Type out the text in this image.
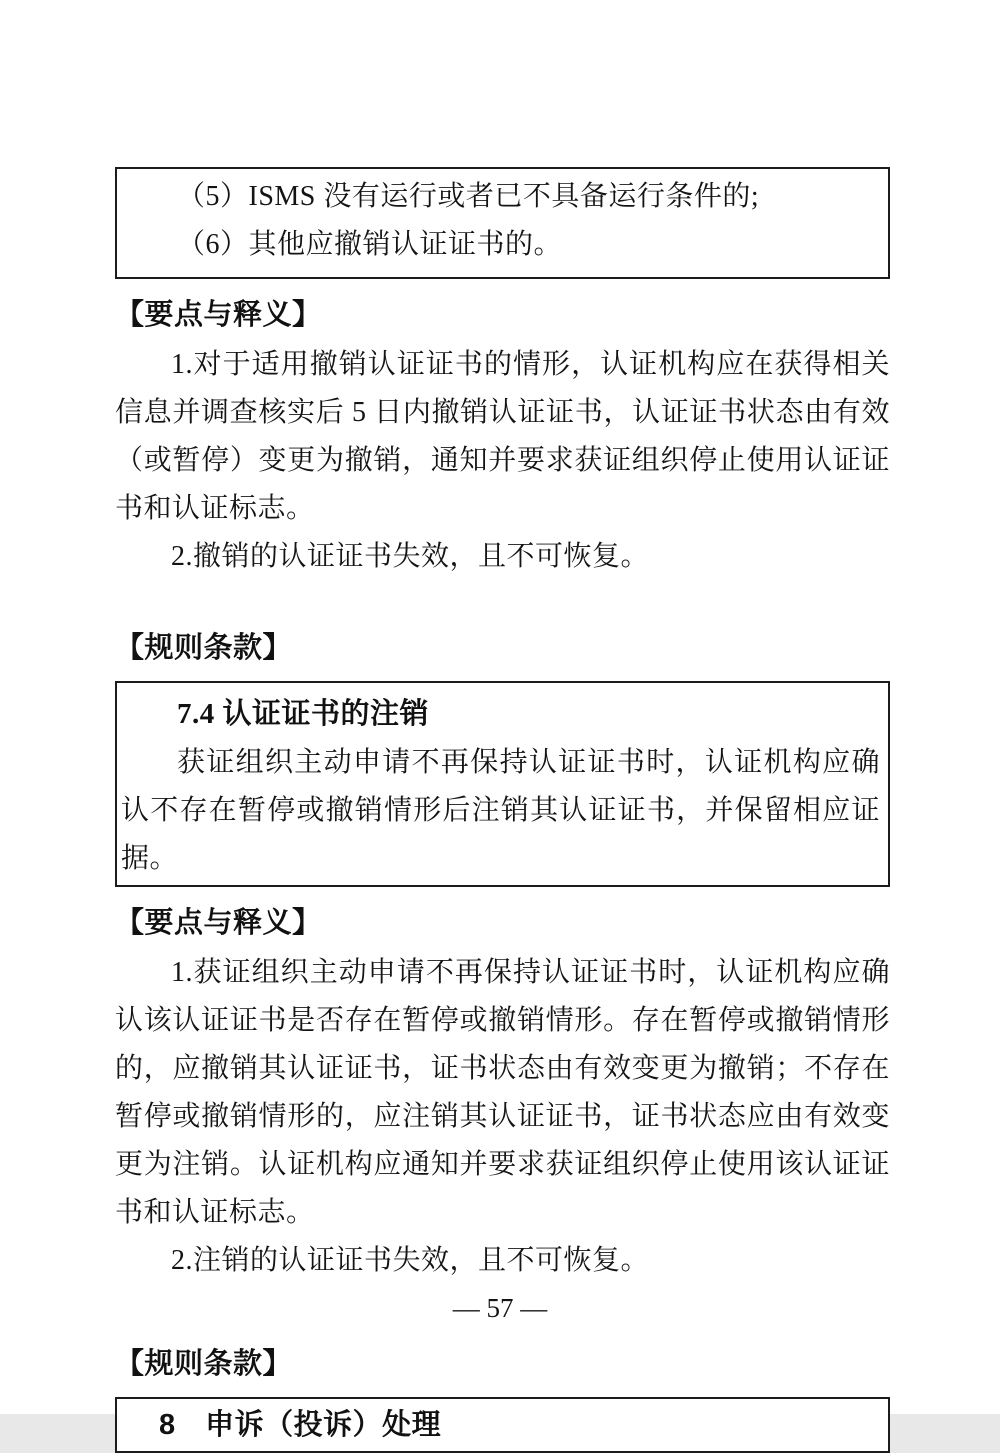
（5）ISMS 没有运行或者已不具备运行条件的;

（6）其他应撤销认证证书的。

【要点与释义】

1.对于适用撤销认证证书的情形，认证机构应在获得相关信息并调查核实后 5 日内撤销认证证书，认证证书状态由有效（或暂停）变更为撤销，通知并要求获证组织停止使用认证证书和认证标志。

2.撤销的认证证书失效，且不可恢复。

【规则条款】

7.4 认证证书的注销

获证组织主动申请不再保持认证证书时，认证机构应确认不存在暂停或撤销情形后注销其认证证书，并保留相应证据。

【要点与释义】

1.获证组织主动申请不再保持认证证书时，认证机构应确认该认证证书是否存在暂停或撤销情形。存在暂停或撤销情形的，应撤销其认证证书，证书状态由有效变更为撤销；不存在暂停或撤销情形的，应注销其认证证书，证书状态应由有效变更为注销。认证机构应通知并要求获证组织停止使用该认证证书和认证标志。

2.注销的认证证书失效，且不可恢复。

【规则条款】

8　申诉（投诉）处理

— 57 —
